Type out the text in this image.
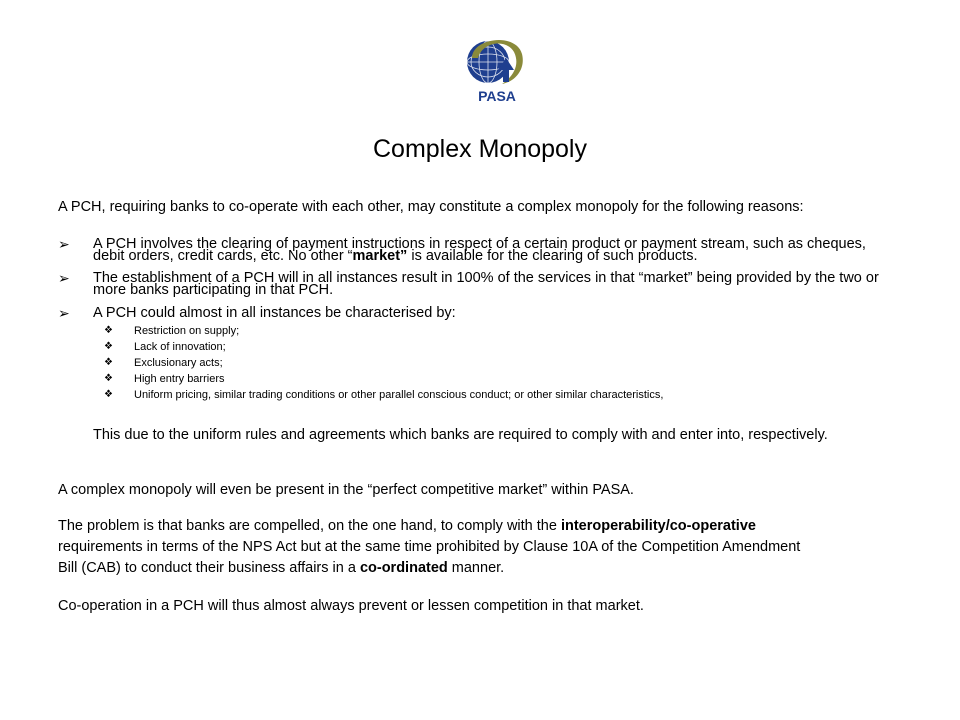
PASA
Complex Monopoly
A PCH, requiring banks to co-operate with each other, may constitute a complex monopoly for the following reasons:
➢	A PCH involves the clearing of payment instructions in respect of a certain product or payment stream, such as cheques, debit orders, credit cards, etc. No other “market” is available for the clearing of such products.
➢	The establishment of a PCH will in all instances result in 100% of the services in that “market” being provided by the two or more banks participating in that PCH.
➢	A PCH could almost in all instances be characterised by:
❖ Restriction on supply;
❖ Lack of innovation;
❖ Exclusionary acts;
❖ High entry barriers
❖ Uniform pricing, similar trading conditions or other parallel conscious conduct; or other similar characteristics,
This due to the uniform rules and agreements which banks are required to comply with and enter into, respectively.
A complex monopoly will even be present in the “perfect competitive market” within PASA.
The problem is that banks are compelled, on the one hand, to comply with the interoperability/co-operative
requirements in terms of the NPS Act but at the same time prohibited by Clause 10A of the Competition Amendment
Bill (CAB) to conduct their business affairs in a co-ordinated manner.
Co-operation in a PCH will thus almost always prevent or lessen competition in that market.
